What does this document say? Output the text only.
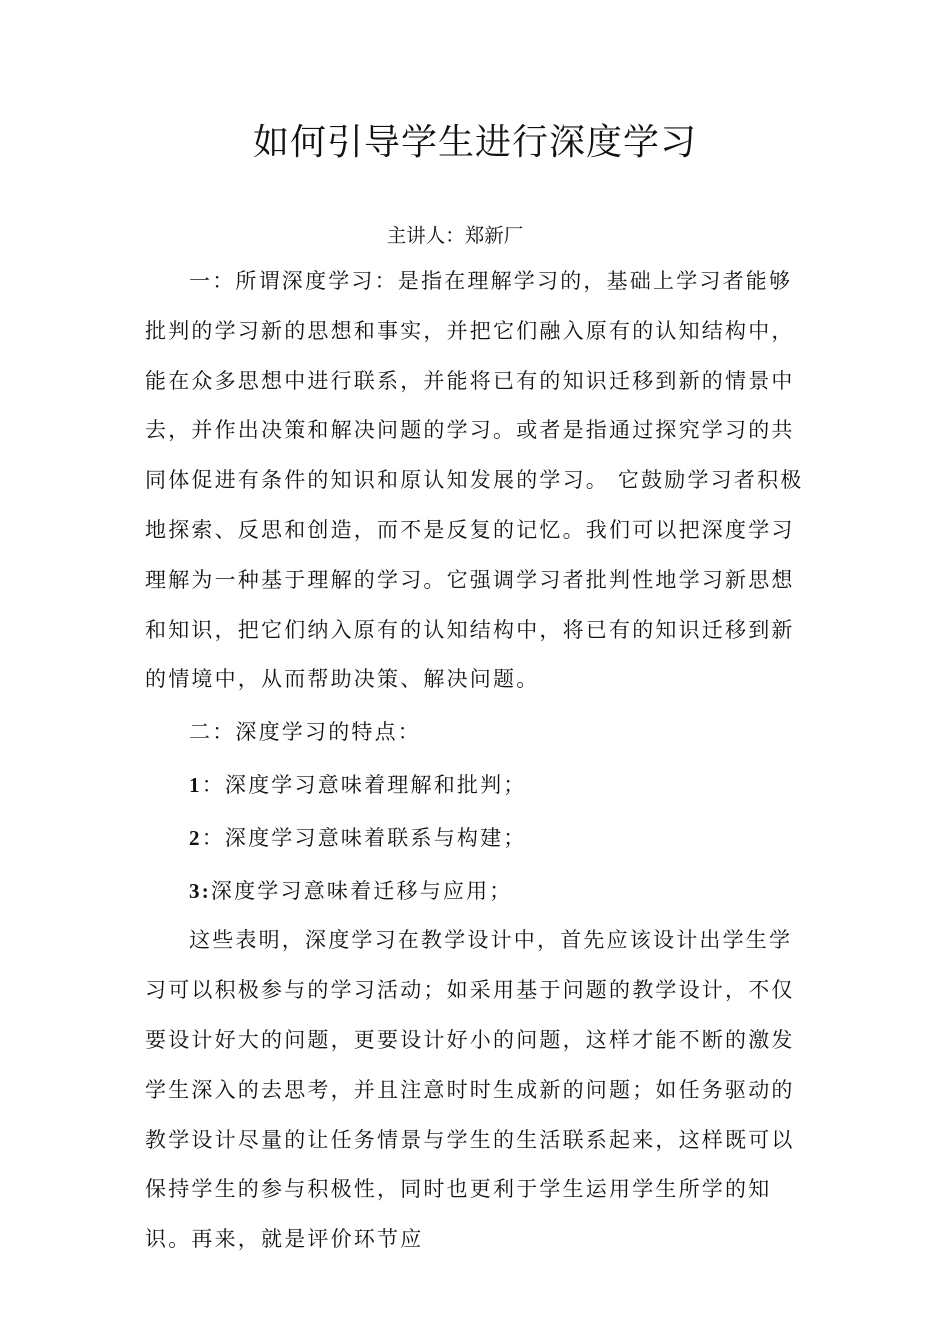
如何引导学生进行深度学习

主讲人：郑新厂

一：所谓深度学习：是指在理解学习的，基础上学习者能够批判的学习新的思想和事实，并把它们融入原有的认知结构中，能在众多思想中进行联系，并能将已有的知识迁移到新的情景中去，并作出决策和解决问题的学习。或者是指通过探究学习的共同体促进有条件的知识和原认知发展的学习。 它鼓励学习者积极地探索、反思和创造，而不是反复的记忆。我们可以把深度学习理解为一种基于理解的学习。它强调学习者批判性地学习新思想和知识，把它们纳入原有的认知结构中，将已有的知识迁移到新的情境中，从而帮助决策、解决问题。

二：深度学习的特点：

1：深度学习意味着理解和批判；

2：深度学习意味着联系与构建；

3:深度学习意味着迁移与应用；

这些表明，深度学习在教学设计中，首先应该设计出学生学习可以积极参与的学习活动；如采用基于问题的教学设计，不仅要设计好大的问题，更要设计好小的问题，这样才能不断的激发学生深入的去思考，并且注意时时生成新的问题；如任务驱动的教学设计尽量的让任务情景与学生的生活联系起来，这样既可以保持学生的参与积极性，同时也更利于学生运用学生所学的知识。再来，就是评价环节应
